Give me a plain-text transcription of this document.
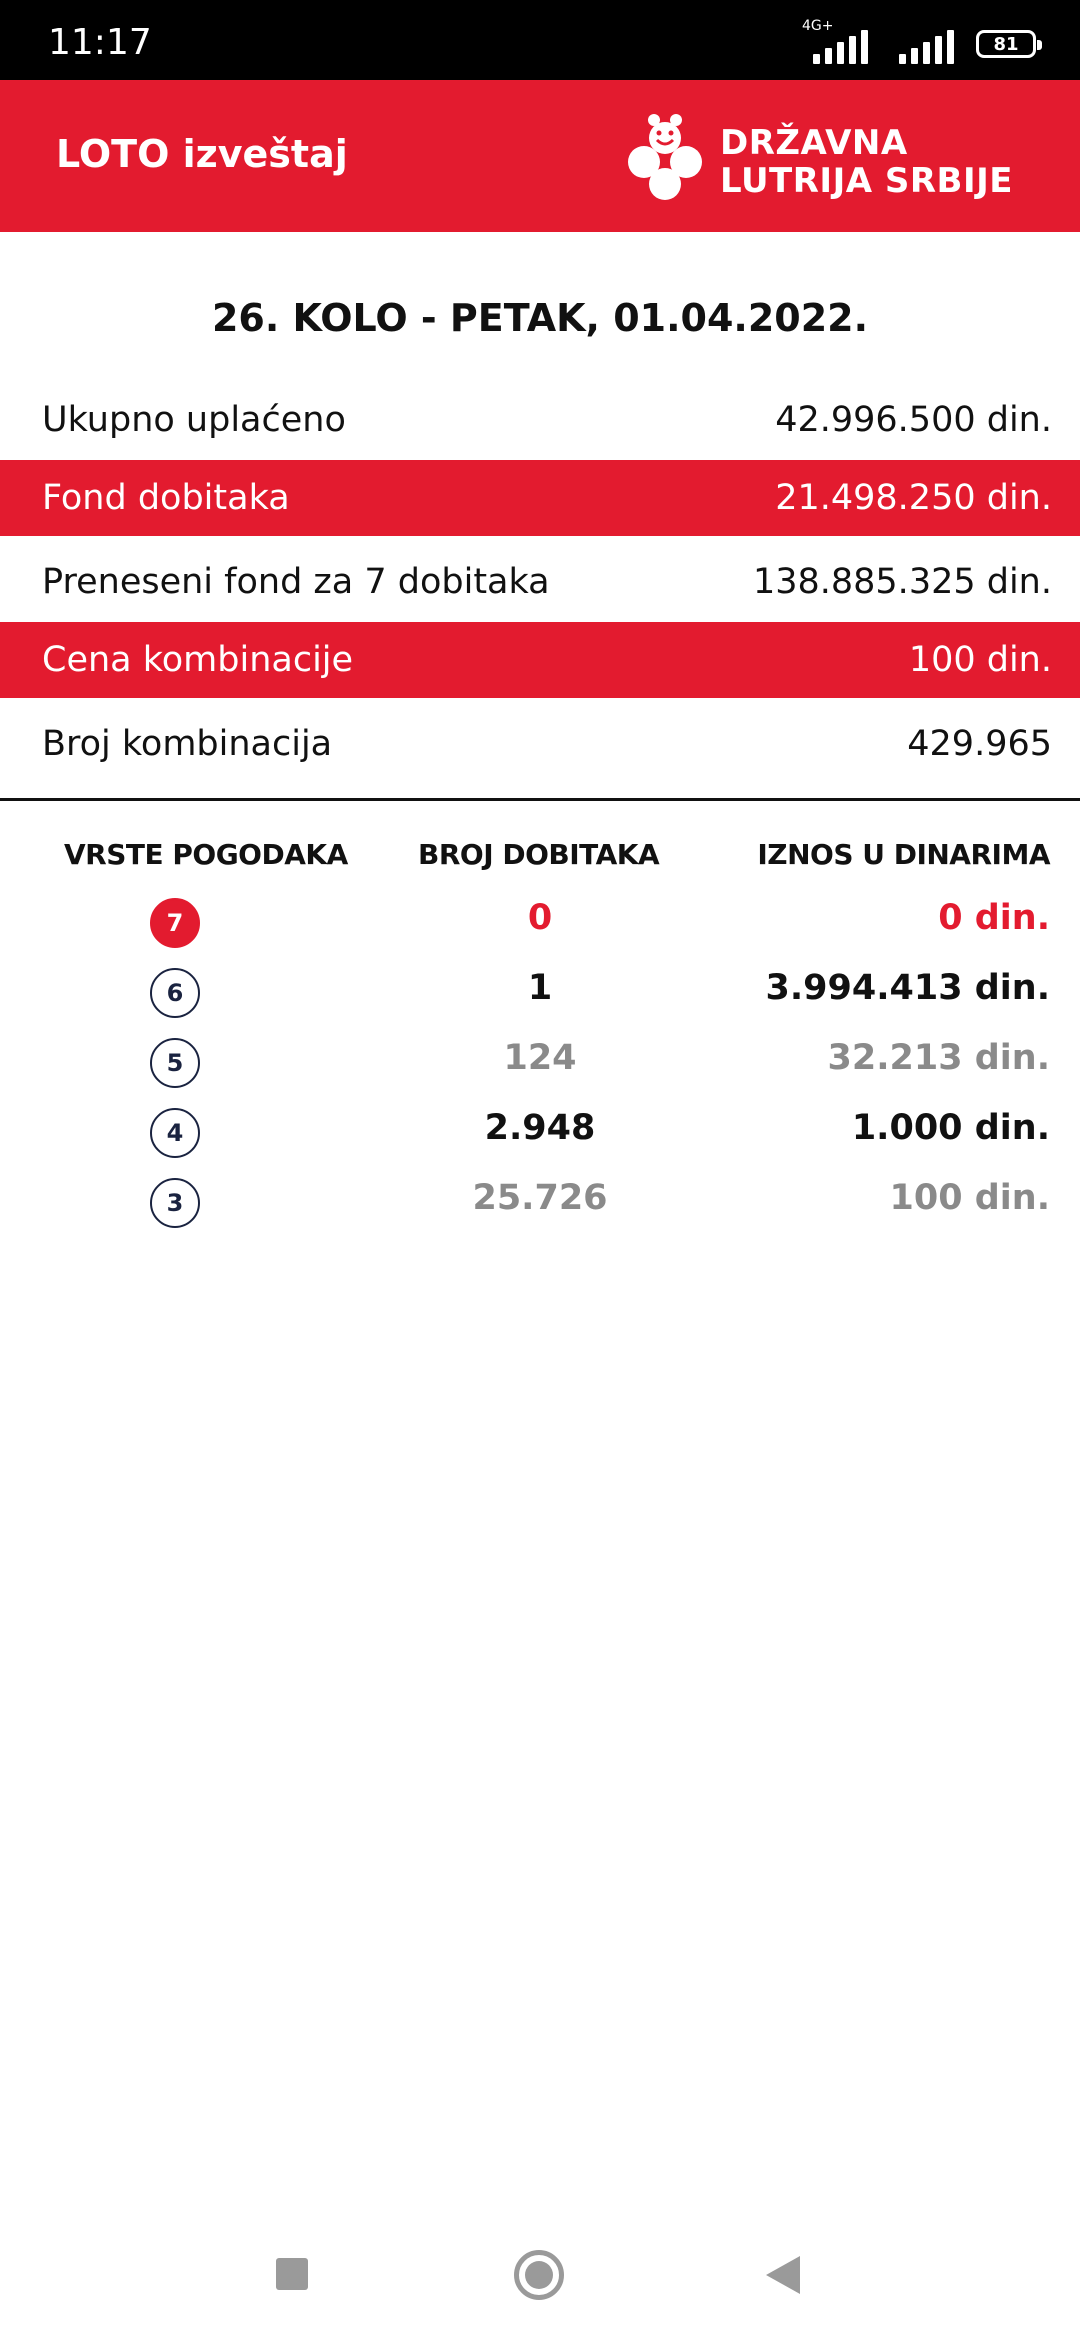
11:17	4G+
81
LOTO izveštaj	DRŽAVNA
LUTRIJA SRBIJE
26. KOLO - PETAK, 01.04.2022.
Ukupno uplaćeno	42.996.500 din.
Fond dobitaka	21.498.250 din.
Preneseni fond za 7 dobitaka	138.885.325 din.
Cena kombinacije	100 din.
Broj kombinacija	429.965
VRSTE POGODAKA	BROJ DOBITAKA	IZNOS U DINARIMA
7	0	0 din.
6	1	3.994.413 din.
5	124	32.213 din.
4	2.948	1.000 din.
3	25.726	100 din.
